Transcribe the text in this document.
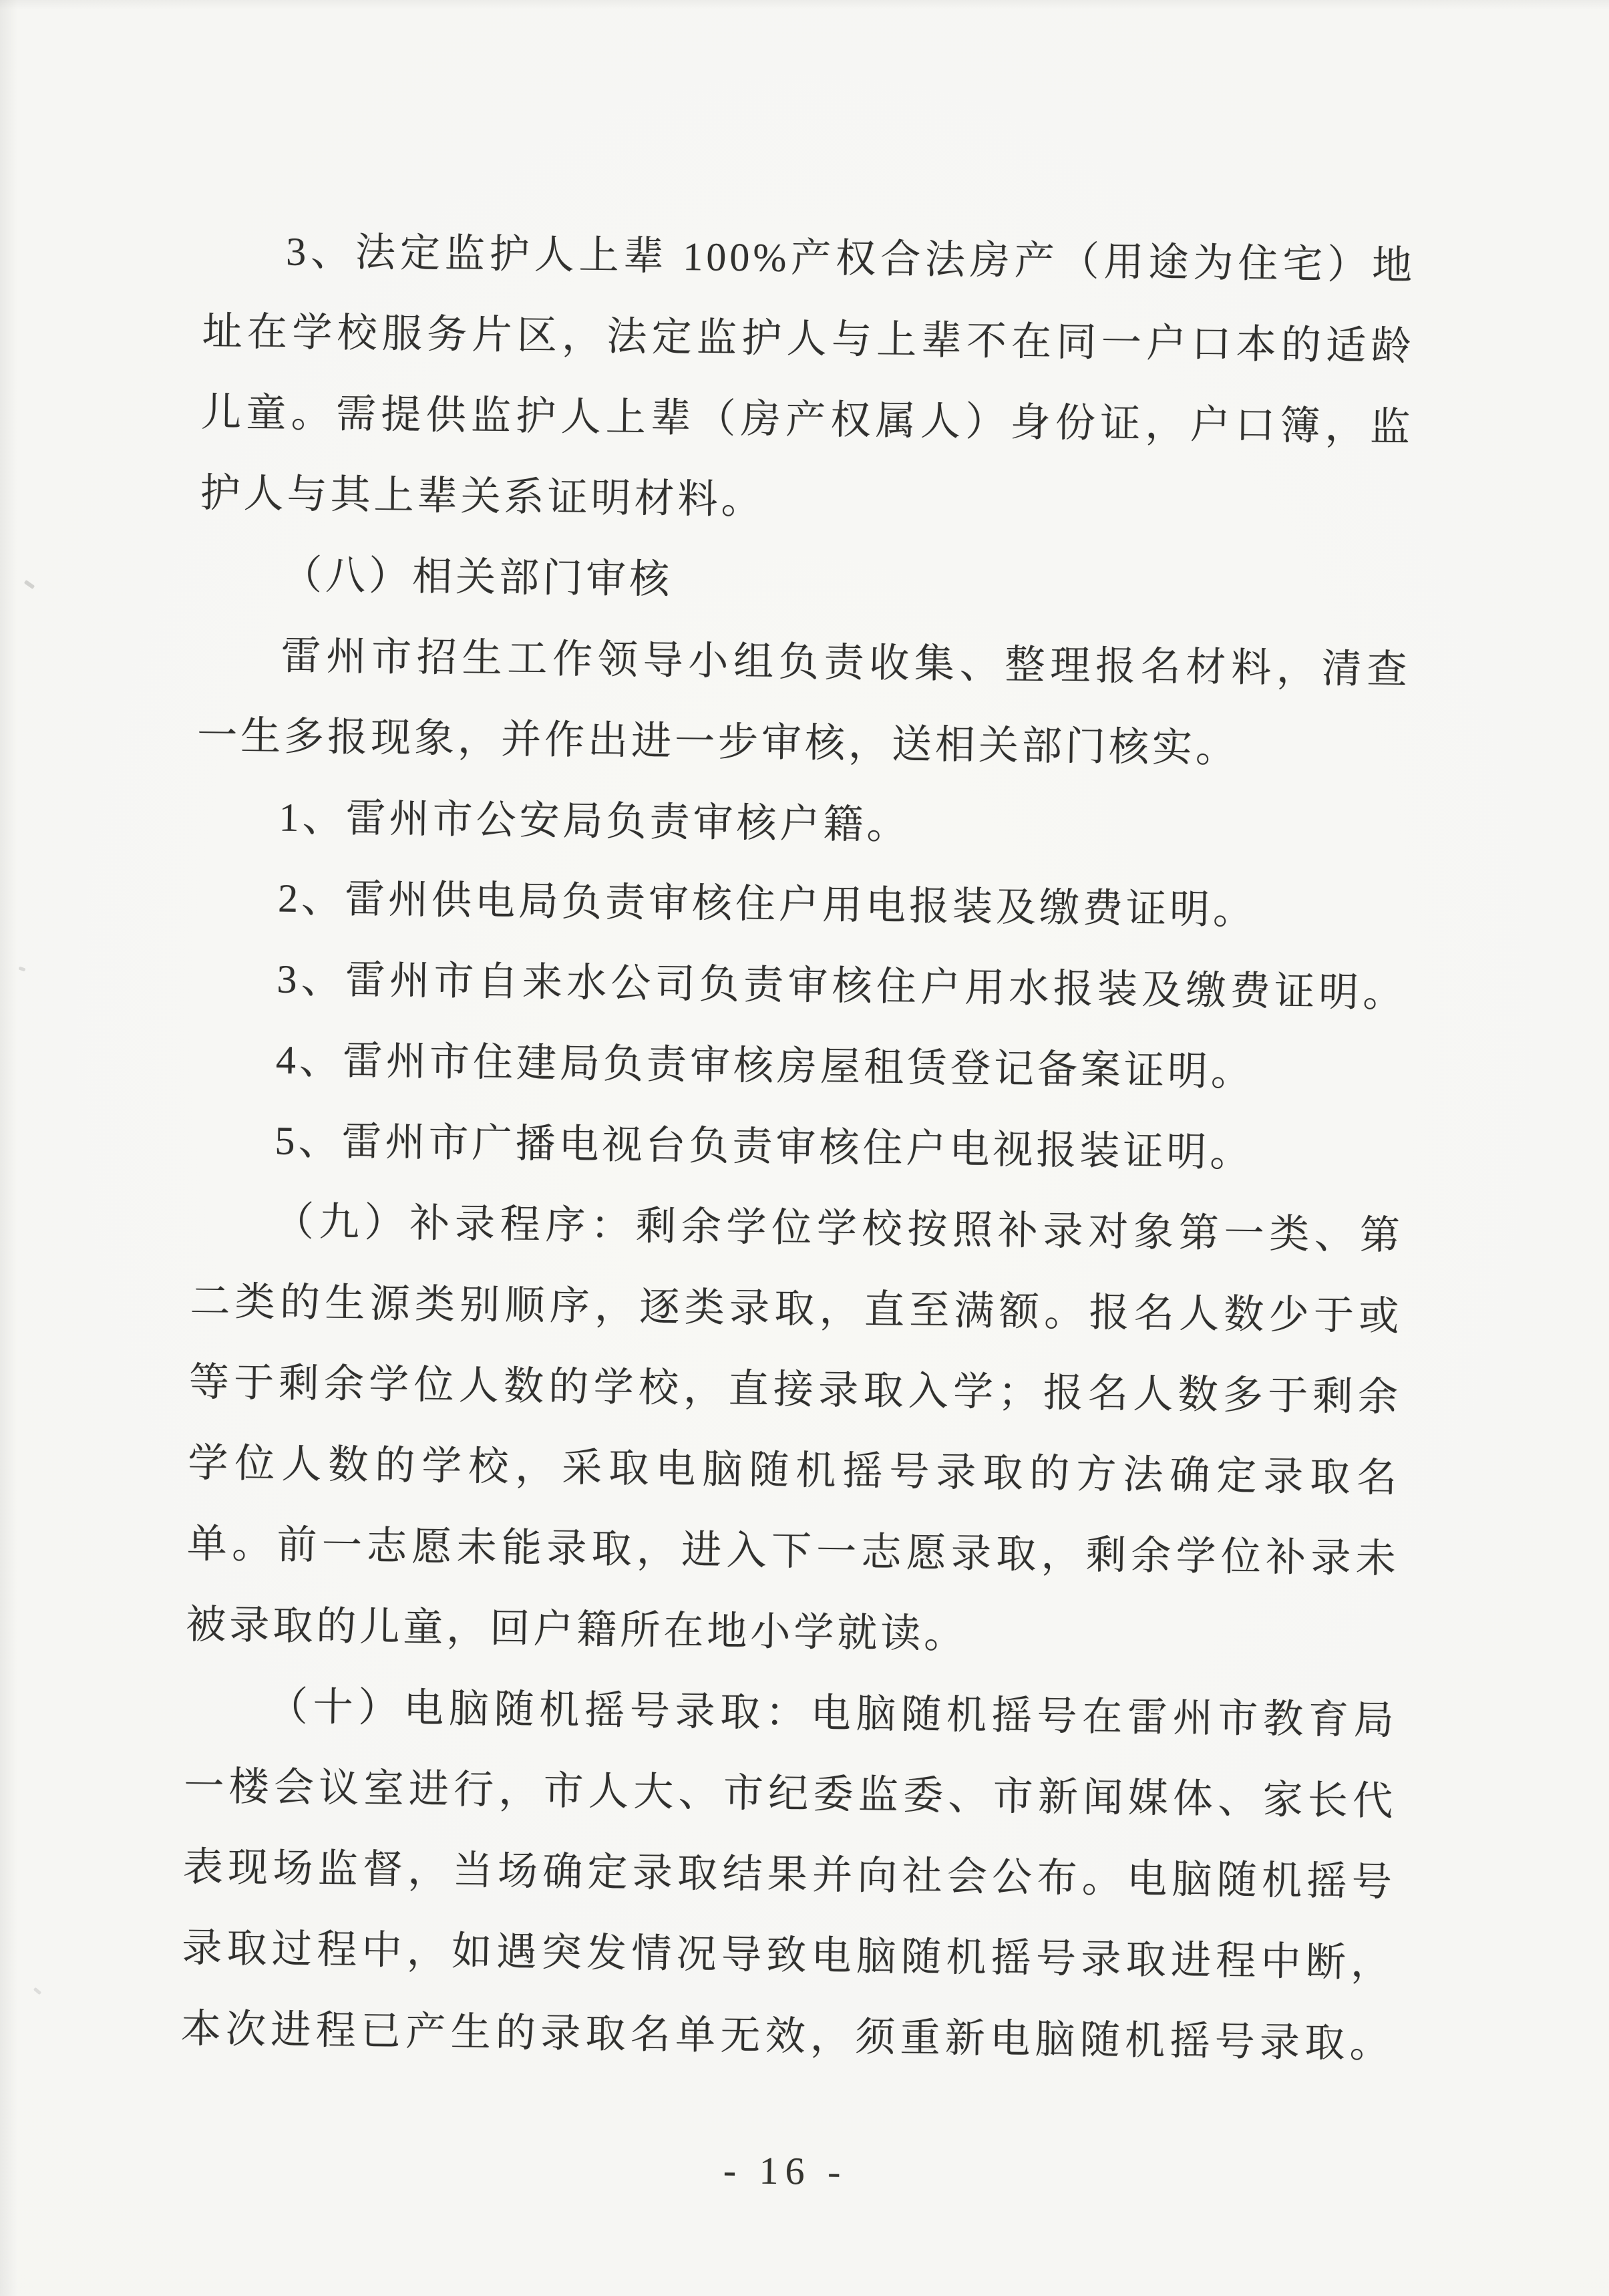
3、法定监护人上辈 100%产权合法房产（用途为住宅）地
址在学校服务片区，法定监护人与上辈不在同一户口本的适龄
儿童。需提供监护人上辈（房产权属人）身份证，户口簿，监
护人与其上辈关系证明材料。
（八）相关部门审核
雷州市招生工作领导小组负责收集、整理报名材料，清查
一生多报现象，并作出进一步审核，送相关部门核实。
1、雷州市公安局负责审核户籍。
2、雷州供电局负责审核住户用电报装及缴费证明。
3、雷州市自来水公司负责审核住户用水报装及缴费证明。
4、雷州市住建局负责审核房屋租赁登记备案证明。
5、雷州市广播电视台负责审核住户电视报装证明。
（九）补录程序：剩余学位学校按照补录对象第一类、第
二类的生源类别顺序，逐类录取，直至满额。报名人数少于或
等于剩余学位人数的学校，直接录取入学；报名人数多于剩余
学位人数的学校，采取电脑随机摇号录取的方法确定录取名
单。前一志愿未能录取，进入下一志愿录取，剩余学位补录未
被录取的儿童，回户籍所在地小学就读。
（十）电脑随机摇号录取：电脑随机摇号在雷州市教育局
一楼会议室进行，市人大、市纪委监委、市新闻媒体、家长代
表现场监督，当场确定录取结果并向社会公布。电脑随机摇号
录取过程中，如遇突发情况导致电脑随机摇号录取进程中断，
本次进程已产生的录取名单无效，须重新电脑随机摇号录取。
- 16 -
